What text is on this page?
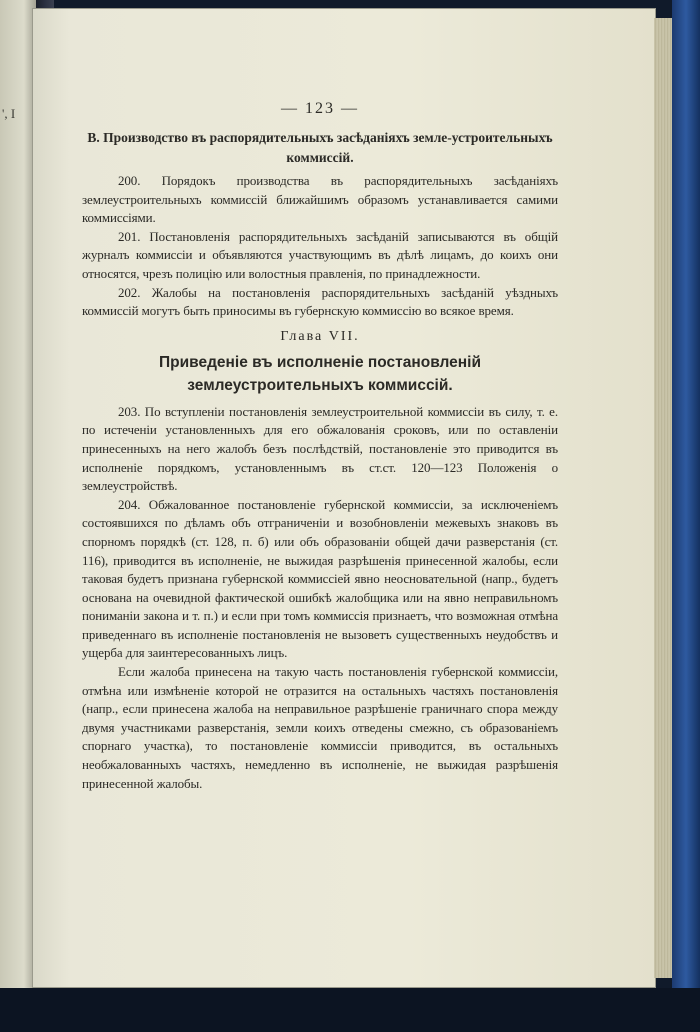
', I	— 123 —
В. Производство въ распорядительныхъ засѣданіяхъ земле-устроительныхъ коммиссій.

200. Порядокъ производства въ распорядительныхъ засѣданіяхъ землеустроительныхъ коммиссій ближайшимъ образомъ устанавливается самими коммиссіями.

201. Постановленія распорядительныхъ засѣданій записываются въ общій журналъ коммиссіи и объявляются участвующимъ въ дѣлѣ лицамъ, до коихъ они относятся, чрезъ полицію или волостныя правленія, по принадлежности.

202. Жалобы на постановленія распорядительныхъ засѣданій уѣздныхъ коммиссій могутъ быть приносимы въ губернскую коммиссію во всякое время.

Глава VII.
Приведеніе въ исполненіе постановленій землеустроительныхъ коммиссій.

203. По вступленіи постановленія землеустроительной коммиссіи въ силу, т. е. по истеченіи установленныхъ для его обжалованія сроковъ, или по оставленіи принесенныхъ на него жалобъ безъ послѣдствій, постановленіе это приводится въ исполненіе порядкомъ, установленнымъ въ ст.ст. 120—123 Положенія о землеустройствѣ.

204. Обжалованное постановленіе губернской коммиссіи, за исключеніемъ состоявшихся по дѣламъ объ отграниченіи и возобновленіи межевыхъ знаковъ въ спорномъ порядкѣ (ст. 128, п. б) или объ образованіи общей дачи разверстанія (ст. 116), приводится въ исполненіе, не выжидая разрѣшенія принесенной жалобы, если таковая будетъ признана губернской коммиссіей явно неосновательной (напр., будетъ основана на очевидной фактической ошибкѣ жалобщика или на явно неправильномъ пониманіи закона и т. п.) и если при томъ коммиссія признаетъ, что возможная отмѣна приведеннаго въ исполненіе постановленія не вызоветъ существенныхъ неудобствъ и ущерба для заинтересованныхъ лицъ.

Если жалоба принесена на такую часть постановленія губернской коммиссіи, отмѣна или измѣненіе которой не отразится на остальныхъ частяхъ постановленія (напр., если принесена жалоба на неправильное разрѣшеніе граничнаго спора между двумя участниками разверстанія, земли коихъ отведены смежно, съ образованіемъ спорнаго участка), то постановленіе коммиссіи приводится, въ остальныхъ необжалованныхъ частяхъ, немедленно въ исполненіе, не выжидая разрѣшенія принесенной жалобы.
